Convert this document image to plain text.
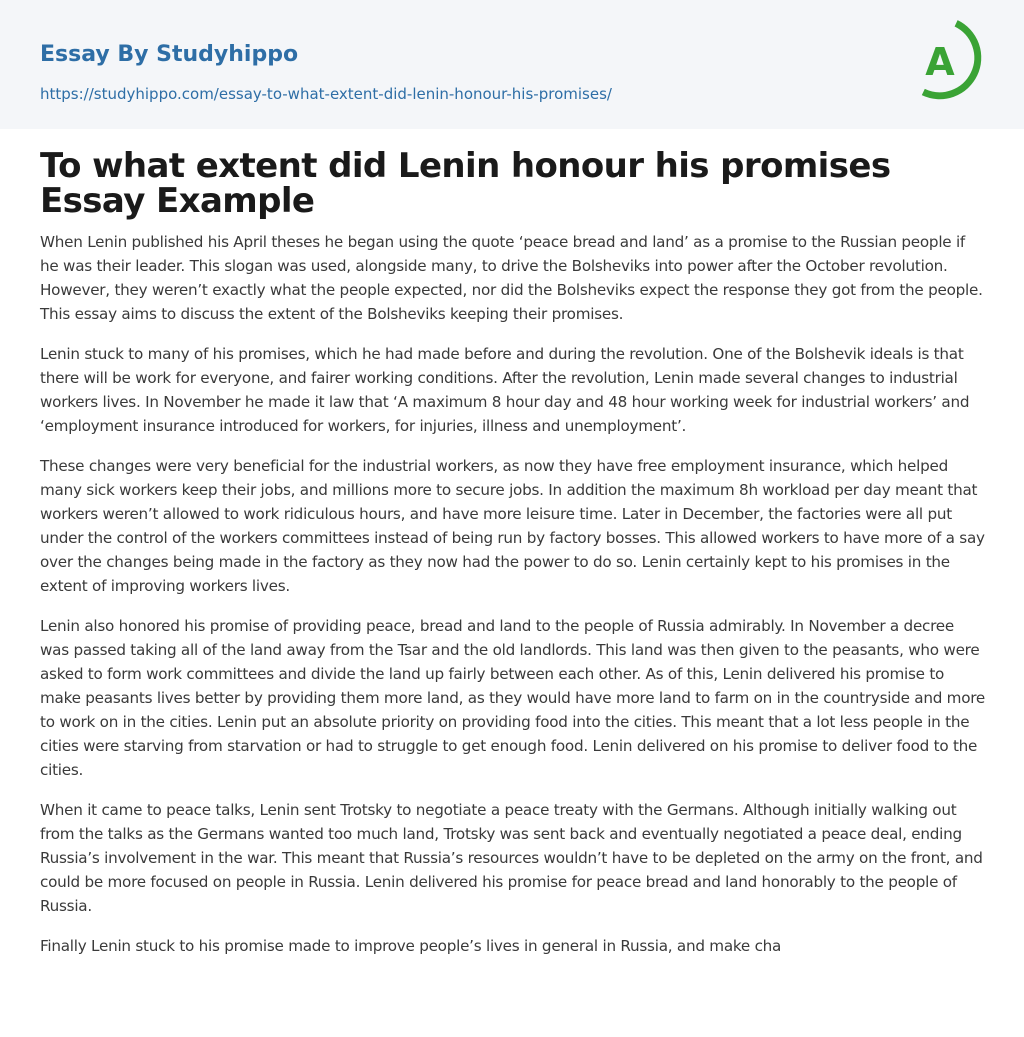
Essay By Studyhippo
https://studyhippo.com/essay-to-what-extent-did-lenin-honour-his-promises/
A
To what extent did Lenin honour his promises
Essay Example

When Lenin published his April theses he began using the quote ‘peace bread and land’ as a promise to the Russian people if he was their leader. This slogan was used, alongside many, to drive the Bolsheviks into power after the October revolution. However, they weren’t exactly what the people expected, nor did the Bolsheviks expect the response they got from the people. This essay aims to discuss the extent of the Bolsheviks keeping their promises.

Lenin stuck to many of his promises, which he had made before and during the revolution. One of the Bolshevik ideals is that there will be work for everyone, and fairer working conditions. After the revolution, Lenin made several changes to industrial workers lives. In November he made it law that ‘A maximum 8 hour day and 48 hour working week for industrial workers’ and ‘employment insurance introduced for workers, for injuries, illness and unemployment’.

These changes were very beneficial for the industrial workers, as now they have free employment insurance, which helped many sick workers keep their jobs, and millions more to secure jobs. In addition the maximum 8h workload per day meant that workers weren’t allowed to work ridiculous hours, and have more leisure time. Later in December, the factories were all put under the control of the workers committees instead of being run by factory bosses. This allowed workers to have more of a say over the changes being made in the factory as they now had the power to do so. Lenin certainly kept to his promises in the extent of improving workers lives.

Lenin also honored his promise of providing peace, bread and land to the people of Russia admirably. In November a decree was passed taking all of the land away from the Tsar and the old landlords. This land was then given to the peasants, who were asked to form work committees and divide the land up fairly between each other. As of this, Lenin delivered his promise to make peasants lives better by providing them more land, as they would have more land to farm on in the countryside and more to work on in the cities. Lenin put an absolute priority on providing food into the cities. This meant that a lot less people in the cities were starving from starvation or had to struggle to get enough food. Lenin delivered on his promise to deliver food to the cities.

When it came to peace talks, Lenin sent Trotsky to negotiate a peace treaty with the Germans. Although initially walking out from the talks as the Germans wanted too much land, Trotsky was sent back and eventually negotiated a peace deal, ending Russia’s involvement in the war. This meant that Russia’s resources wouldn’t have to be depleted on the army on the front, and could be more focused on people in Russia. Lenin delivered his promise for peace bread and land honorably to the people of Russia.

Finally Lenin stuck to his promise made to improve people’s lives in general in Russia, and make cha
